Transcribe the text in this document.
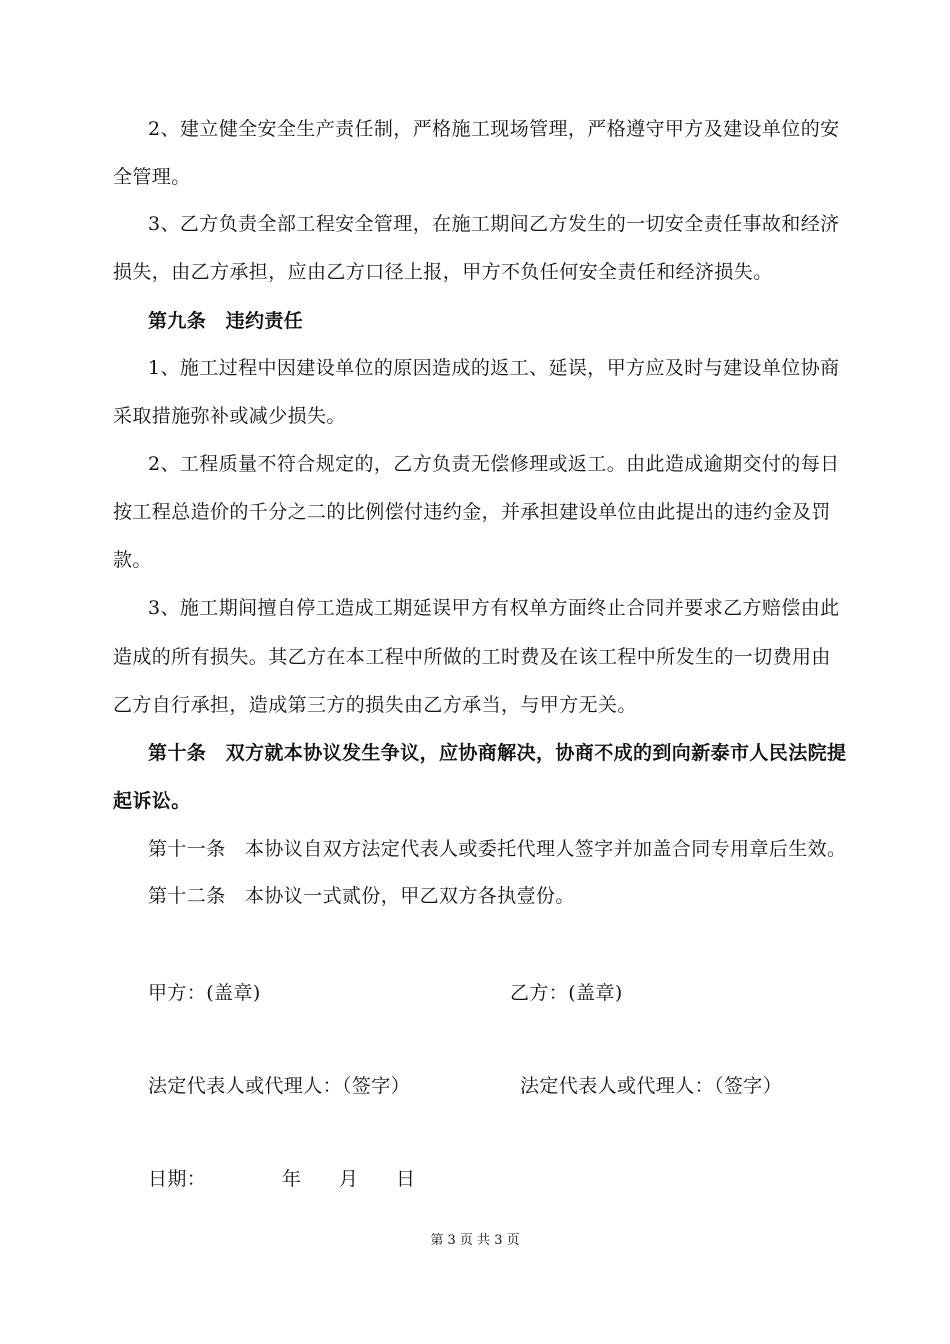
2、建立健全安全生产责任制，严格施工现场管理，严格遵守甲方及建设单位的安
全管理。
3、乙方负责全部工程安全管理，在施工期间乙方发生的一切安全责任事故和经济
损失，由乙方承担，应由乙方口径上报，甲方不负任何安全责任和经济损失。
第九条　违约责任
1、施工过程中因建设单位的原因造成的返工、延误，甲方应及时与建设单位协商
采取措施弥补或减少损失。
2、工程质量不符合规定的，乙方负责无偿修理或返工。由此造成逾期交付的每日
按工程总造价的千分之二的比例偿付违约金，并承担建设单位由此提出的违约金及罚
款。
3、施工期间擅自停工造成工期延误甲方有权单方面终止合同并要求乙方赔偿由此
造成的所有损失。其乙方在本工程中所做的工时费及在该工程中所发生的一切费用由
乙方自行承担，造成第三方的损失由乙方承当，与甲方无关。
第十条　双方就本协议发生争议，应协商解决，协商不成的到向新泰市人民法院提
起诉讼。
第十一条　本协议自双方法定代表人或委托代理人签字并加盖合同专用章后生效。
第十二条　本协议一式贰份，甲乙双方各执壹份。
甲方：(盖章)	乙方：(盖章)
法定代表人或代理人：（签字）	法定代表人或代理人：（签字）
日期：	年 月 日
第 3 页 共 3 页
